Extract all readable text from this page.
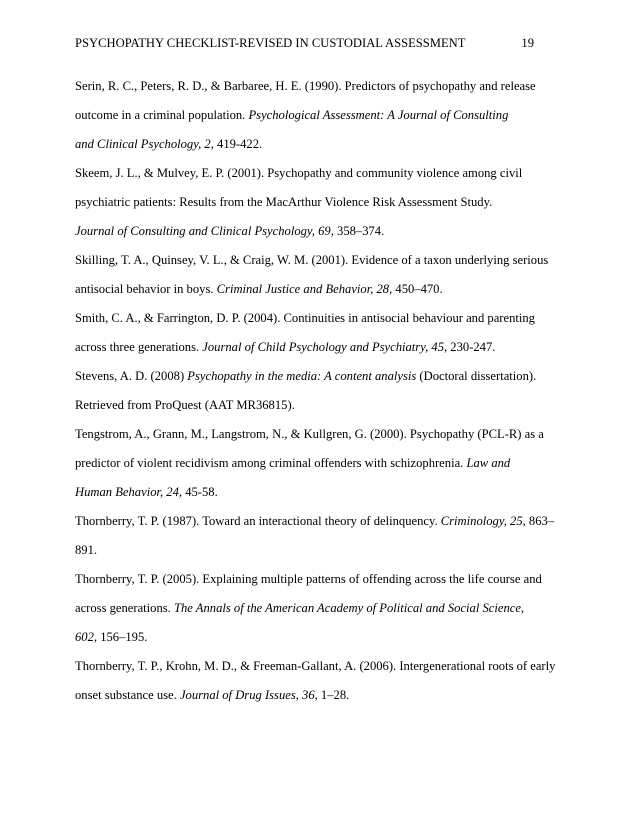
PSYCHOPATHY CHECKLIST-REVISED IN CUSTODIAL ASSESSMENT	19

Serin, R. C., Peters, R. D., & Barbaree, H. E. (1990). Predictors of psychopathy and release
outcome in a criminal population. Psychological Assessment: A Journal of Consulting
and Clinical Psychology, 2, 419-422.

Skeem, J. L., & Mulvey, E. P. (2001). Psychopathy and community violence among civil
psychiatric patients: Results from the MacArthur Violence Risk Assessment Study.
Journal of Consulting and Clinical Psychology, 69, 358–374.

Skilling, T. A., Quinsey, V. L., & Craig, W. M. (2001). Evidence of a taxon underlying serious
antisocial behavior in boys. Criminal Justice and Behavior, 28, 450–470.

Smith, C. A., & Farrington, D. P. (2004). Continuities in antisocial behaviour and parenting
across three generations. Journal of Child Psychology and Psychiatry, 45, 230-247.

Stevens, A. D. (2008) Psychopathy in the media: A content analysis (Doctoral dissertation).
Retrieved from ProQuest (AAT MR36815).

Tengstrom, A., Grann, M., Langstrom, N., & Kullgren, G. (2000). Psychopathy (PCL-R) as a
predictor of violent recidivism among criminal offenders with schizophrenia. Law and
Human Behavior, 24, 45-58.

Thornberry, T. P. (1987). Toward an interactional theory of delinquency. Criminology, 25, 863–
891.

Thornberry, T. P. (2005). Explaining multiple patterns of offending across the life course and
across generations. The Annals of the American Academy of Political and Social Science,
602, 156–195.

Thornberry, T. P., Krohn, M. D., & Freeman-Gallant, A. (2006). Intergenerational roots of early
onset substance use. Journal of Drug Issues, 36, 1–28.
